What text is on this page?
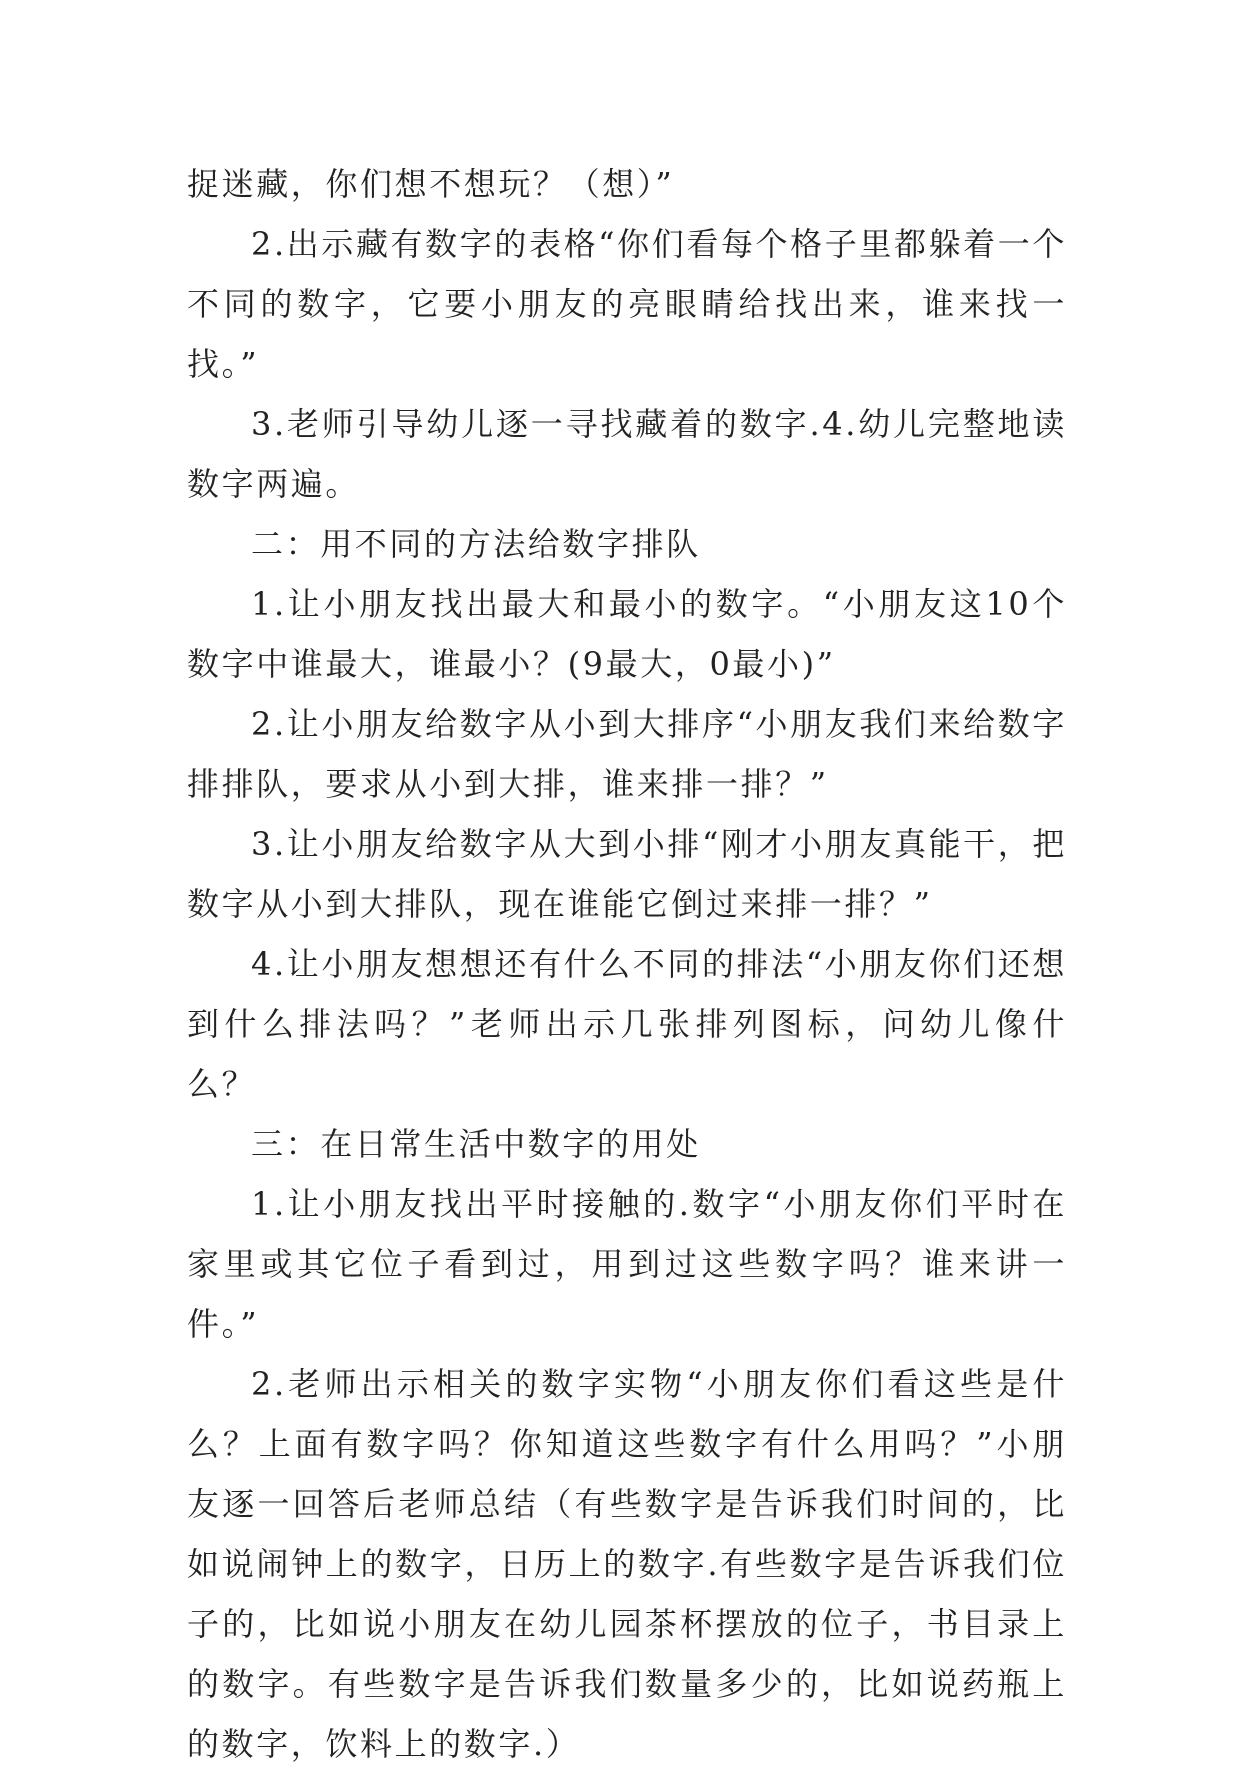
捉迷藏，你们想不想玩？（想）”

2.出示藏有数字的表格“你们看每个格子里都躲着一个不同的数字，它要小朋友的亮眼睛给找出来，谁来找一找。”

3.老师引导幼儿逐一寻找藏着的数字.4.幼儿完整地读数字两遍。

二：用不同的方法给数字排队

1.让小朋友找出最大和最小的数字。“小朋友这10个数字中谁最大，谁最小？(9最大，0最小)”

2.让小朋友给数字从小到大排序“小朋友我们来给数字排排队，要求从小到大排，谁来排一排？”

3.让小朋友给数字从大到小排“刚才小朋友真能干，把数字从小到大排队，现在谁能它倒过来排一排？”

4.让小朋友想想还有什么不同的排法“小朋友你们还想到什么排法吗？”老师出示几张排列图标，问幼儿像什么？

三：在日常生活中数字的用处

1.让小朋友找出平时接触的.数字“小朋友你们平时在家里或其它位子看到过，用到过这些数字吗？谁来讲一件。”

2.老师出示相关的数字实物“小朋友你们看这些是什么？上面有数字吗？你知道这些数字有什么用吗？”小朋友逐一回答后老师总结（有些数字是告诉我们时间的，比如说闹钟上的数字，日历上的数字.有些数字是告诉我们位子的，比如说小朋友在幼儿园茶杯摆放的位子，书目录上的数字。有些数字是告诉我们数量多少的，比如说药瓶上的数字，饮料上的数字.）
